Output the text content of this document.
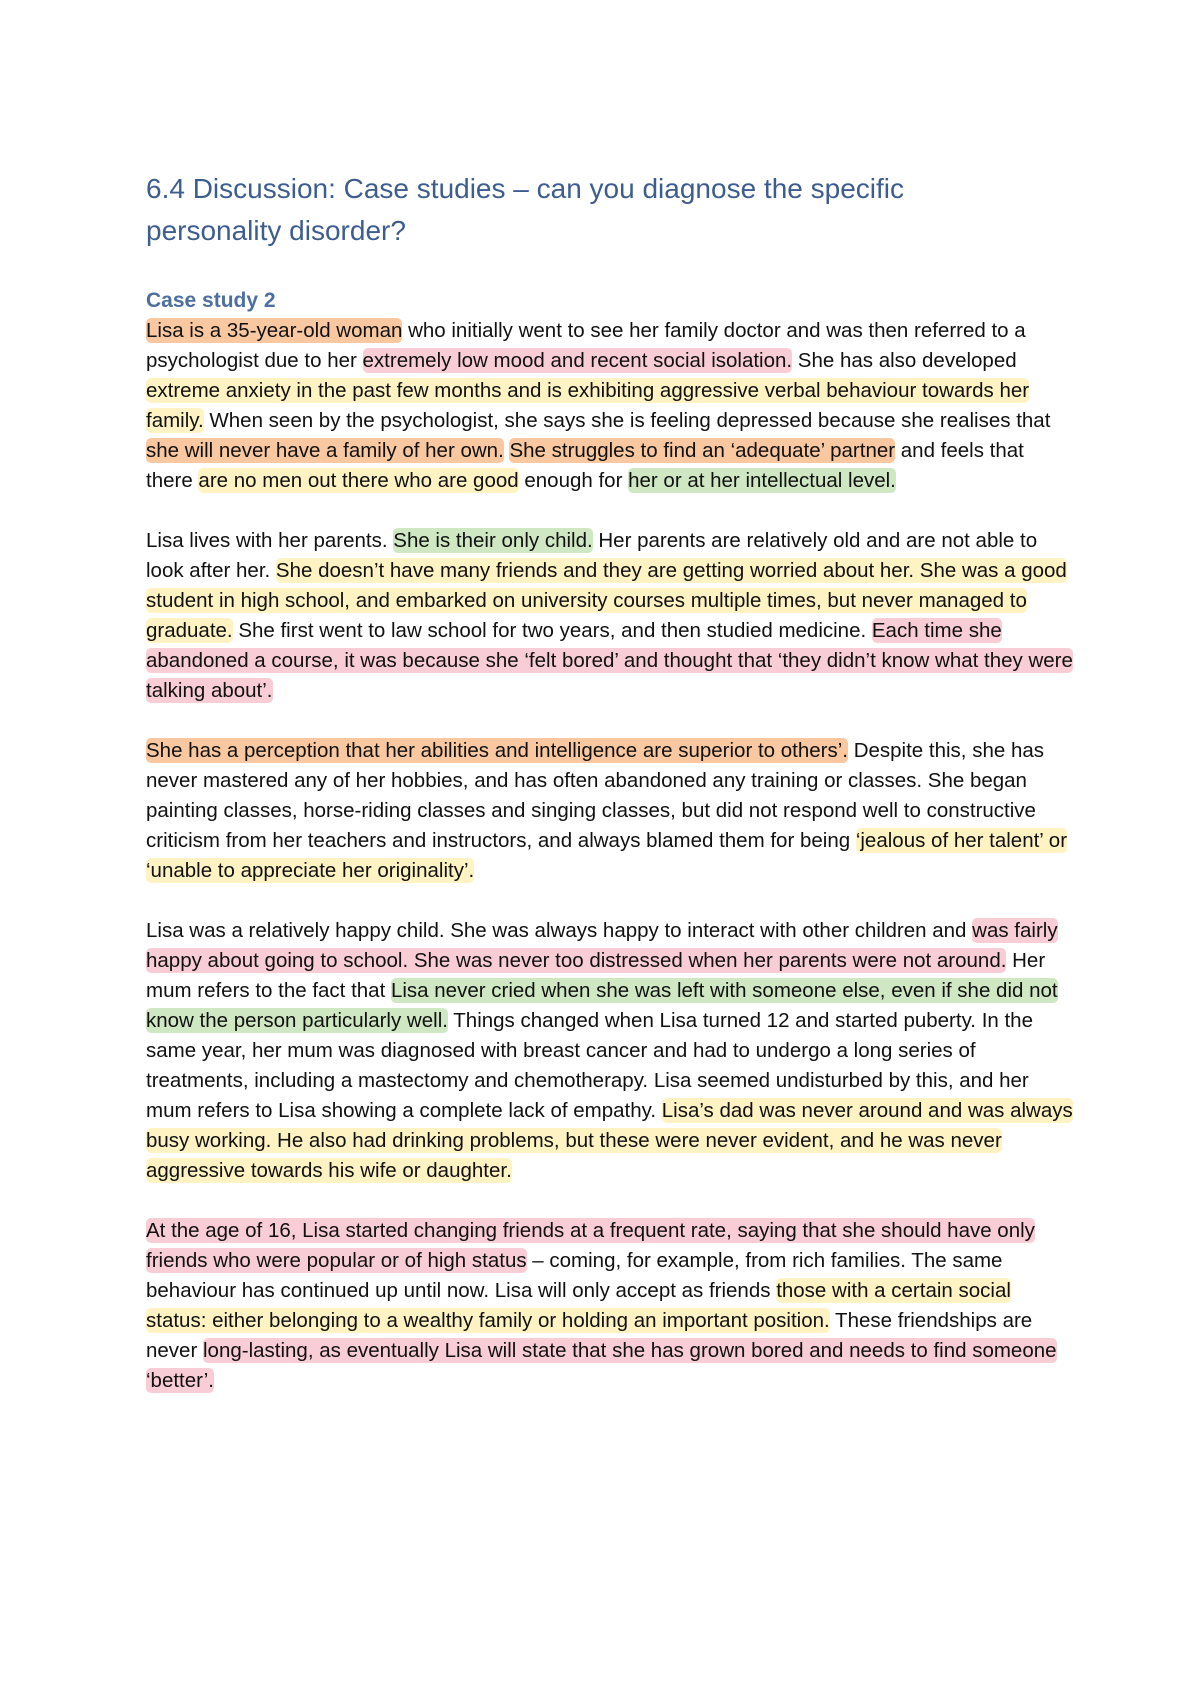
6.4 Discussion: Case studies – can you diagnose the specific personality disorder?
Case study 2

Lisa is a 35-year-old woman who initially went to see her family doctor and was then referred to a psychologist due to her extremely low mood and recent social isolation. She has also developed extreme anxiety in the past few months and is exhibiting aggressive verbal behaviour towards her family. When seen by the psychologist, she says she is feeling depressed because she realises that she will never have a family of her own. She struggles to find an ‘adequate’ partner and feels that there are no men out there who are good enough for her or at her intellectual level.

Lisa lives with her parents. She is their only child. Her parents are relatively old and are not able to look after her. She doesn’t have many friends and they are getting worried about her. She was a good student in high school, and embarked on university courses multiple times, but never managed to graduate. She first went to law school for two years, and then studied medicine. Each time she abandoned a course, it was because she ‘felt bored’ and thought that ‘they didn’t know what they were talking about’.

She has a perception that her abilities and intelligence are superior to others’. Despite this, she has never mastered any of her hobbies, and has often abandoned any training or classes. She began painting classes, horse-riding classes and singing classes, but did not respond well to constructive criticism from her teachers and instructors, and always blamed them for being ‘jealous of her talent’ or ‘unable to appreciate her originality’.

Lisa was a relatively happy child. She was always happy to interact with other children and was fairly happy about going to school. She was never too distressed when her parents were not around. Her mum refers to the fact that Lisa never cried when she was left with someone else, even if she did not know the person particularly well. Things changed when Lisa turned 12 and started puberty. In the same year, her mum was diagnosed with breast cancer and had to undergo a long series of treatments, including a mastectomy and chemotherapy. Lisa seemed undisturbed by this, and her mum refers to Lisa showing a complete lack of empathy. Lisa’s dad was never around and was always busy working. He also had drinking problems, but these were never evident, and he was never aggressive towards his wife or daughter.

At the age of 16, Lisa started changing friends at a frequent rate, saying that she should have only friends who were popular or of high status – coming, for example, from rich families. The same behaviour has continued up until now. Lisa will only accept as friends those with a certain social status: either belonging to a wealthy family or holding an important position. These friendships are never long-lasting, as eventually Lisa will state that she has grown bored and needs to find someone ‘better’.
